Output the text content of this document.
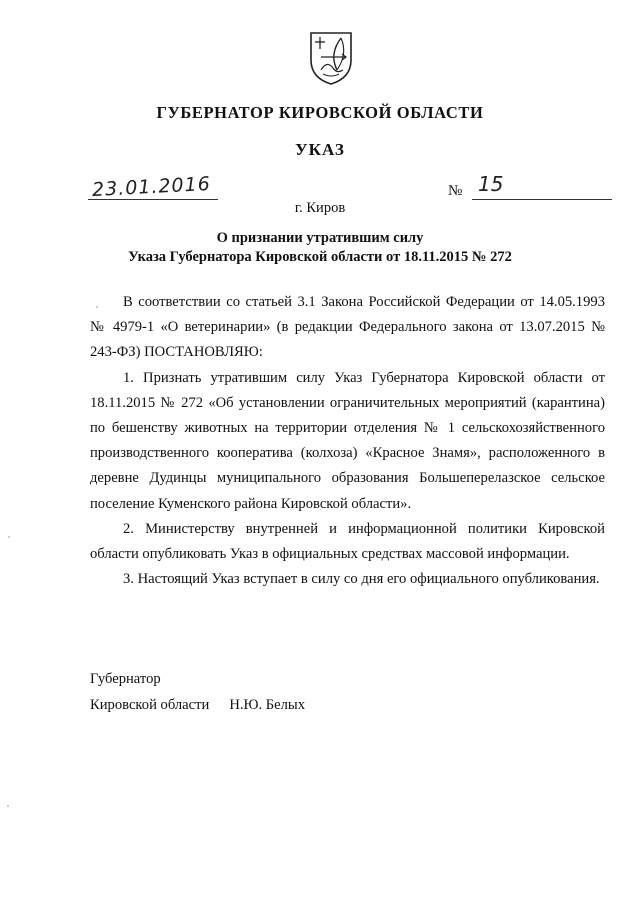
ГУБЕРНАТОР КИРОВСКОЙ ОБЛАСТИ
УКАЗ
23.01.2016	№ 15
г. Киров
О признании утратившим силу
Указа Губернатора Кировской области от 18.11.2015 № 272

В соответствии со статьей 3.1 Закона Российской Федерации от 14.05.1993 № 4979-1 «О ветеринарии» (в редакции Федерального закона от 13.07.2015 № 243-ФЗ) ПОСТАНОВЛЯЮ:

1. Признать утратившим силу Указ Губернатора Кировской области от 18.11.2015 № 272 «Об установлении ограничительных мероприятий (карантина) по бешенству животных на территории отделения № 1 сельскохозяйственного производственного кооператива (колхоза) «Красное Знамя», расположенного в деревне Дудинцы муниципального образования Большеперелазское сельское поселение Куменского района Кировской области».

2. Министерству внутренней и информационной политики Кировской области опубликовать Указ в официальных средствах массовой информации.

3. Настоящий Указ вступает в силу со дня его официального опубликования.

Губернатор
Кировской области Н.Ю. Белых
